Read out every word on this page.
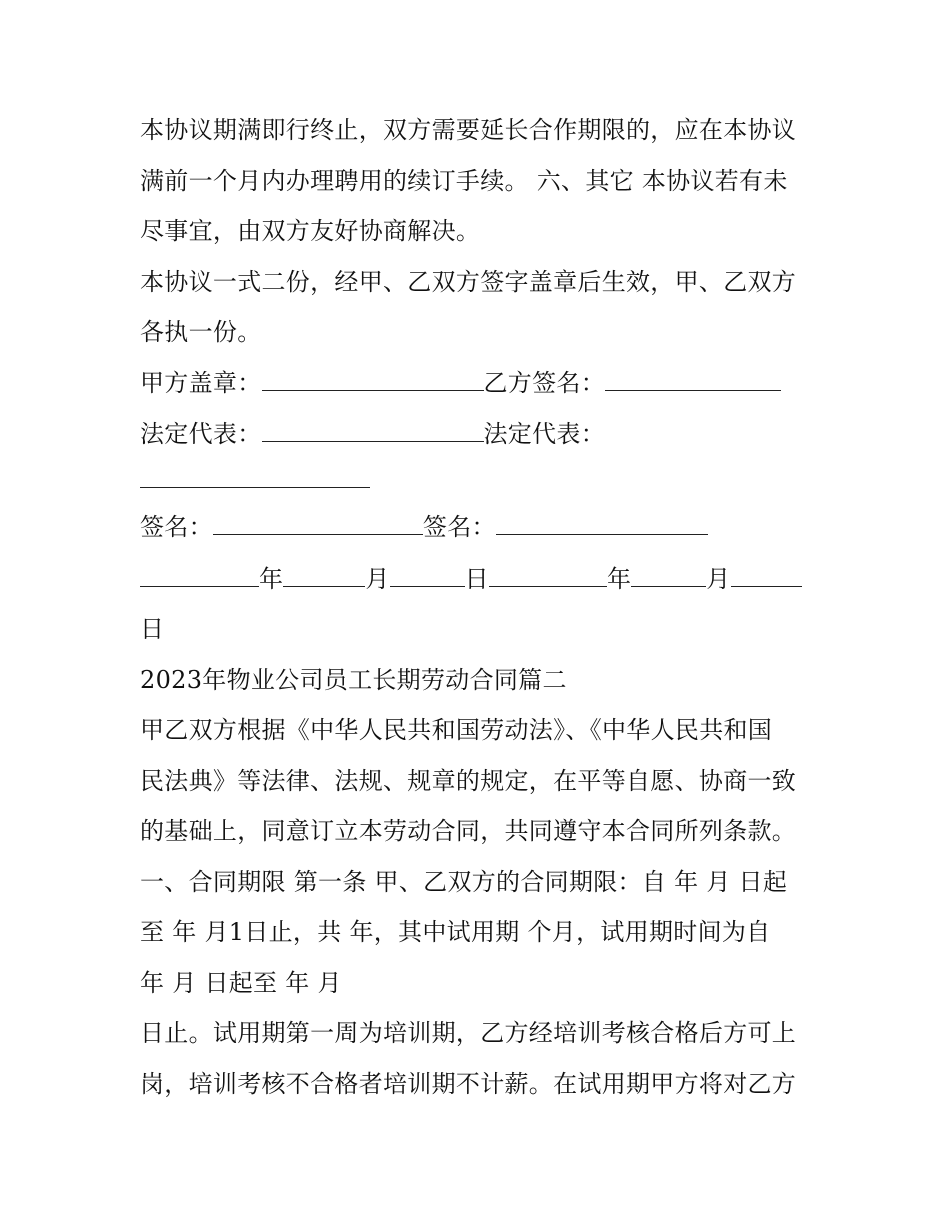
本协议期满即行终止，双方需要延长合作期限的，应在本协议
满前一个月内办理聘用的续订手续。 六、其它 本协议若有未
尽事宜，由双方友好协商解决。
本协议一式二份，经甲、乙双方签字盖章后生效，甲、乙双方
各执一份。
甲方盖章：	乙方签名：
法定代表：	法定代表：
签名：	签名：
年	月	日	年	月
日
2023年物业公司员工长期劳动合同篇二
甲乙双方根据《中华人民共和国劳动法》、《中华人民共和国
民法典》等法律、法规、规章的规定，在平等自愿、协商一致
的基础上，同意订立本劳动合同，共同遵守本合同所列条款。
一、合同期限 第一条 甲、乙双方的合同期限：自 年 月 日起
至 年 月1日止，共 年，其中试用期 个月，试用期时间为自
年 月 日起至 年 月
日止。试用期第一周为培训期，乙方经培训考核合格后方可上
岗，培训考核不合格者培训期不计薪。在试用期甲方将对乙方
